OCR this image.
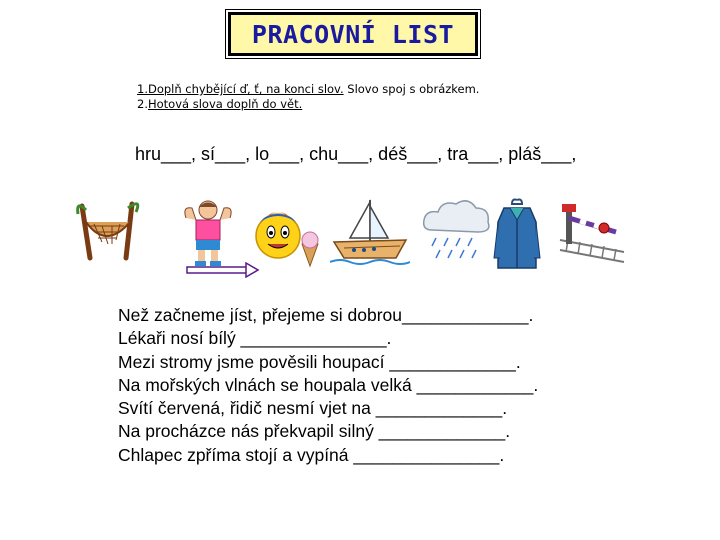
PRACOVNÍ LIST
1.Doplň chybějící ď, ť, na konci slov. Slovo spoj s obrázkem.
2.Hotová slova doplň do vět.
hru___, sí___, lo___, chu___, déš___, tra___, pláš___,
Než začneme jíst, přejeme si dobrou_____________.
Lékaři nosí bílý _______________.
Mezi stromy jsme pověsili houpací _____________.
Na mořských vlnách se houpala velká ____________.
Svítí červená, řidič nesmí vjet na _____________.
Na procházce nás překvapil silný _____________.
Chlapec zpříma stojí a vypíná _______________.
